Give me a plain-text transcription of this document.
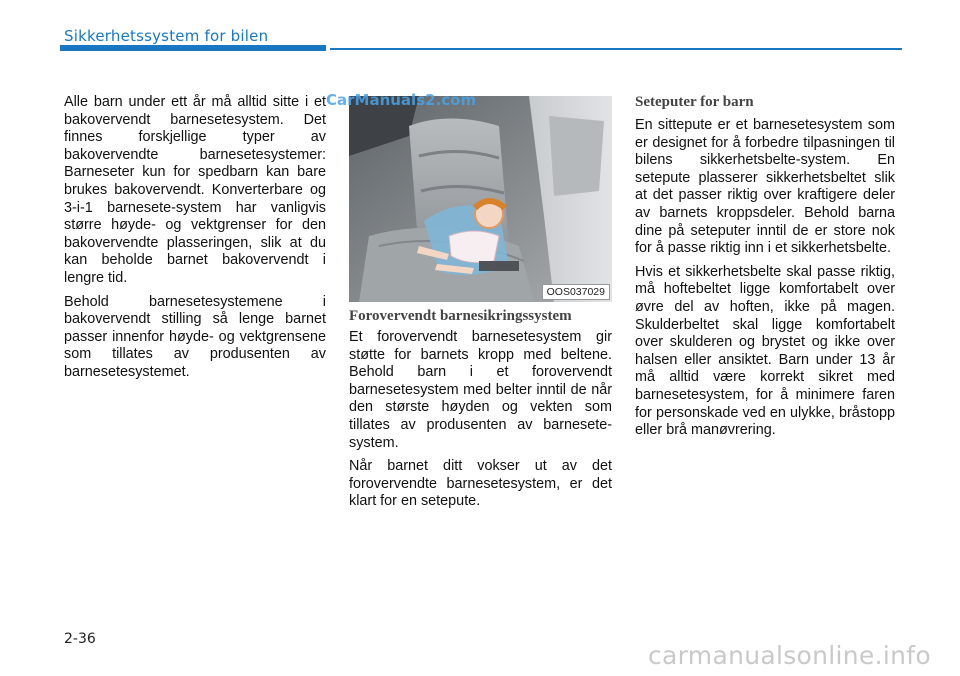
Sikkerhetssystem for bilen

Alle barn under ett år må alltid sitte i et bakovervendt barnesetesystem. Det finnes forskjellige typer av bakovervendte barnesetesystemer: Barneseter kun for spedbarn kan bare brukes bakovervendt. Konverterbare og 3-i-1 barnesete-system har vanligvis større høyde- og vektgrenser for den bakovervendte plasseringen, slik at du kan beholde barnet bakovervendt i lengre tid.

Behold barnesetesystemene i bakovervendt stilling så lenge barnet passer innenfor høyde- og vektgrensene som tillates av produsenten av barnesetesystemet.

OOS037029
CarManuals2.com
Forovervendt barnesikringssystem

Et forovervendt barnesetesystem gir støtte for barnets kropp med beltene. Behold barn i et forovervendt barnesetesystem med belter inntil de når den største høyden og vekten som tillates av produsenten av barnesete-system.

Når barnet ditt vokser ut av det forovervendte barnesetesystem, er det klart for en setepute.

Seteputer for barn

En sittepute er et barnesetesystem som er designet for å forbedre tilpasningen til bilens sikkerhetsbelte-system. En setepute plasserer sikkerhetsbeltet slik at det passer riktig over kraftigere deler av barnets kroppsdeler. Behold barna dine på seteputer inntil de er store nok for å passe riktig inn i et sikkerhetsbelte.

Hvis et sikkerhetsbelte skal passe riktig, må hoftebeltet ligge komfortabelt over øvre del av hoften, ikke på magen. Skulderbeltet skal ligge komfortabelt over skulderen og brystet og ikke over halsen eller ansiktet. Barn under 13 år må alltid være korrekt sikret med barnesetesystem, for å minimere faren for personskade ved en ulykke, bråstopp eller brå manøvrering.

2-36
carmanualsonline.info
